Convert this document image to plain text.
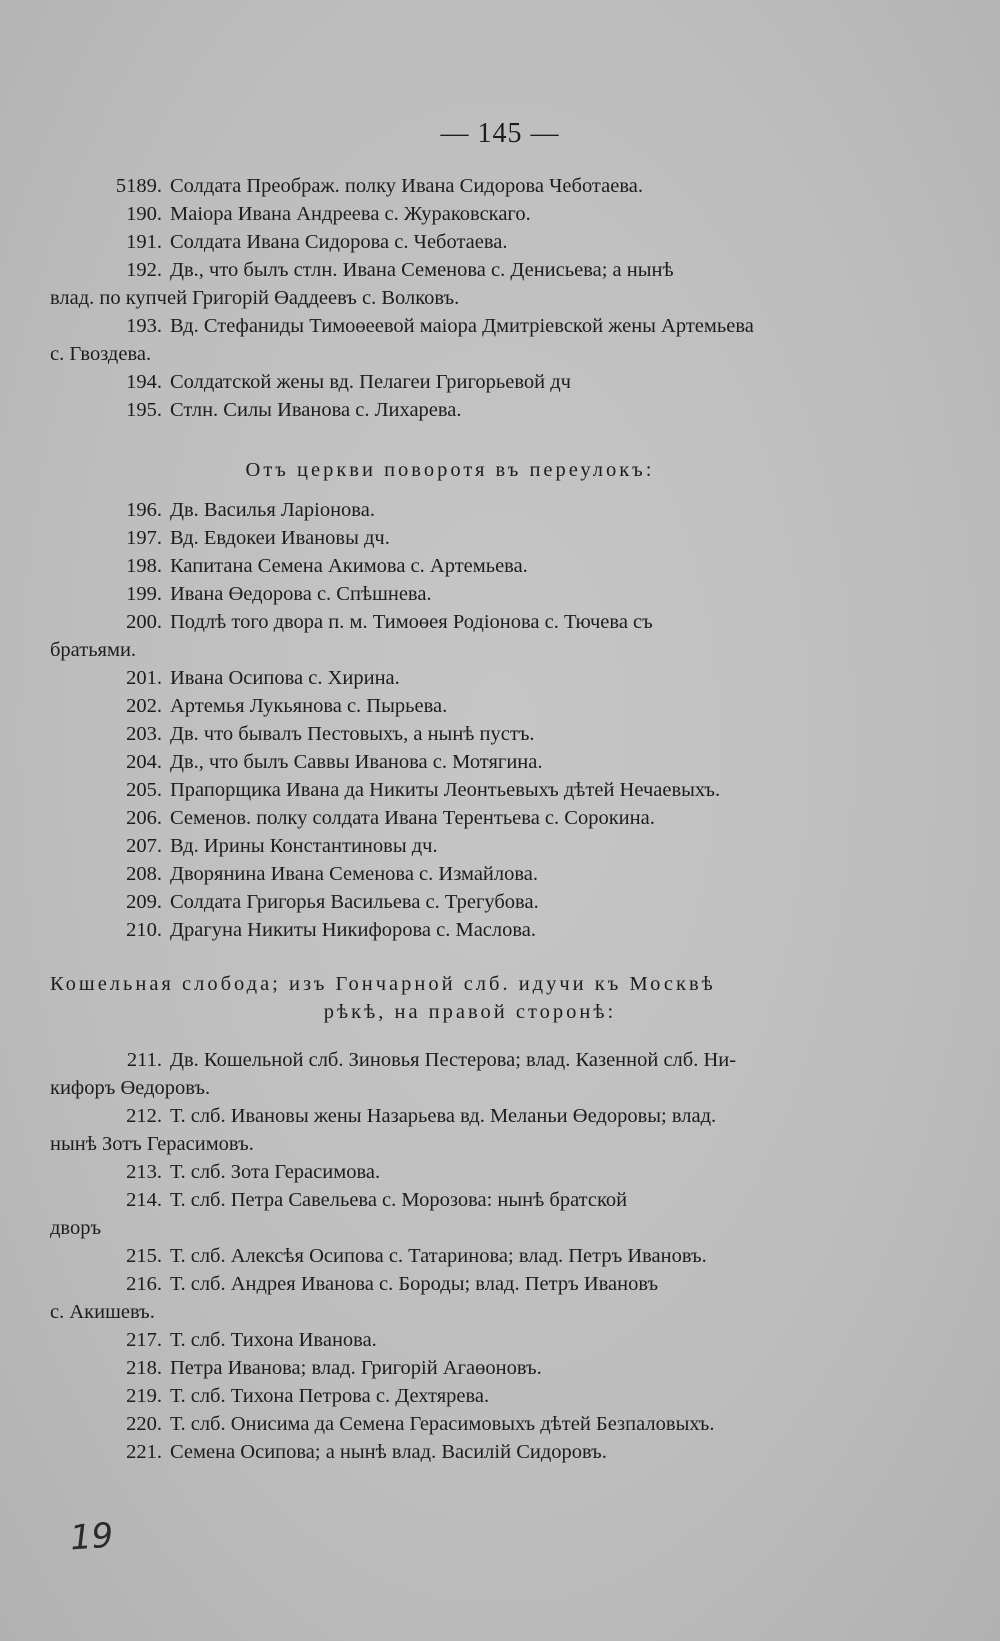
— 145 —
5189. Солдата Преображ. полку Ивана Сидорова Чеботаева.
190. Маiора Ивана Андреева с. Жураковскаго.
191. Солдата Ивана Сидорова с. Чеботаева.
192. Дв., что былъ стлн. Ивана Семенова с. Денисьева; а нынѣ
влад. по купчей Григорiй Өаддеевъ с. Волковъ.
193. Вд. Стефаниды Тимоөеевой маiора Дмитрiевской жены Артемьева
с. Гвоздева.
194. Солдатской жены вд. Пелагеи Григорьевой дч
195. Стлн. Силы Иванова с. Лихарева.
Отъ церкви поворотя въ переулокъ:
196. Дв. Василья Ларiонова.
197. Вд. Евдокеи Ивановы дч.
198. Капитана Семена Акимова с. Артемьева.
199. Ивана Өедорова с. Спѣшнева.
200. Подлѣ того двора п. м. Тимоөея Родiонова с. Тючева съ
братьями.
201. Ивана Осипова с. Хирина.
202. Артемья Лукьянова с. Пырьева.
203. Дв. что бывалъ Пестовыхъ, а нынѣ пустъ.
204. Дв., что былъ Саввы Иванова с. Мотягина.
205. Прапорщика Ивана да Никиты Леонтьевыхъ дѣтей Нечаевыхъ.
206. Семенов. полку солдата Ивана Терентьева с. Сорокина.
207. Вд. Ирины Константиновы дч.
208. Дворянина Ивана Семенова с. Измайлова.
209. Солдата Григорья Васильева с. Трегубова.
210. Драгуна Никиты Никифорова с. Маслова.
Кошельная слобода; изъ Гончарной слб. идучи къ Москвѣ
рѣкѣ, на правой сторонѣ:
211. Дв. Кошельной слб. Зиновья Пестерова; влад. Казенной слб. Ни-
кифоръ Өедоровъ.
212. Т. слб. Ивановы жены Назарьева вд. Меланьи Өедоровы; влад.
нынѣ Зотъ Герасимовъ.
213. Т. слб. Зота Герасимова.
214. Т. слб. Петра Савельева с. Морозова: нынѣ братской
дворъ
215. Т. слб. Алексѣя Осипова с. Татаринова; влад. Петръ Ивановъ.
216. Т. слб. Андрея Иванова с. Бороды; влад. Петръ Ивановъ
с. Акишевъ.
217. Т. слб. Тихона Иванова.
218. Петра Иванова; влад. Григорiй Агаөоновъ.
219. Т. слб. Тихона Петрова с. Дехтярева.
220. Т. слб. Онисима да Семена Герасимовыхъ дѣтей Безпаловыхъ.
221. Семена Осипова; а нынѣ влад. Василiй Сидоровъ.
19
